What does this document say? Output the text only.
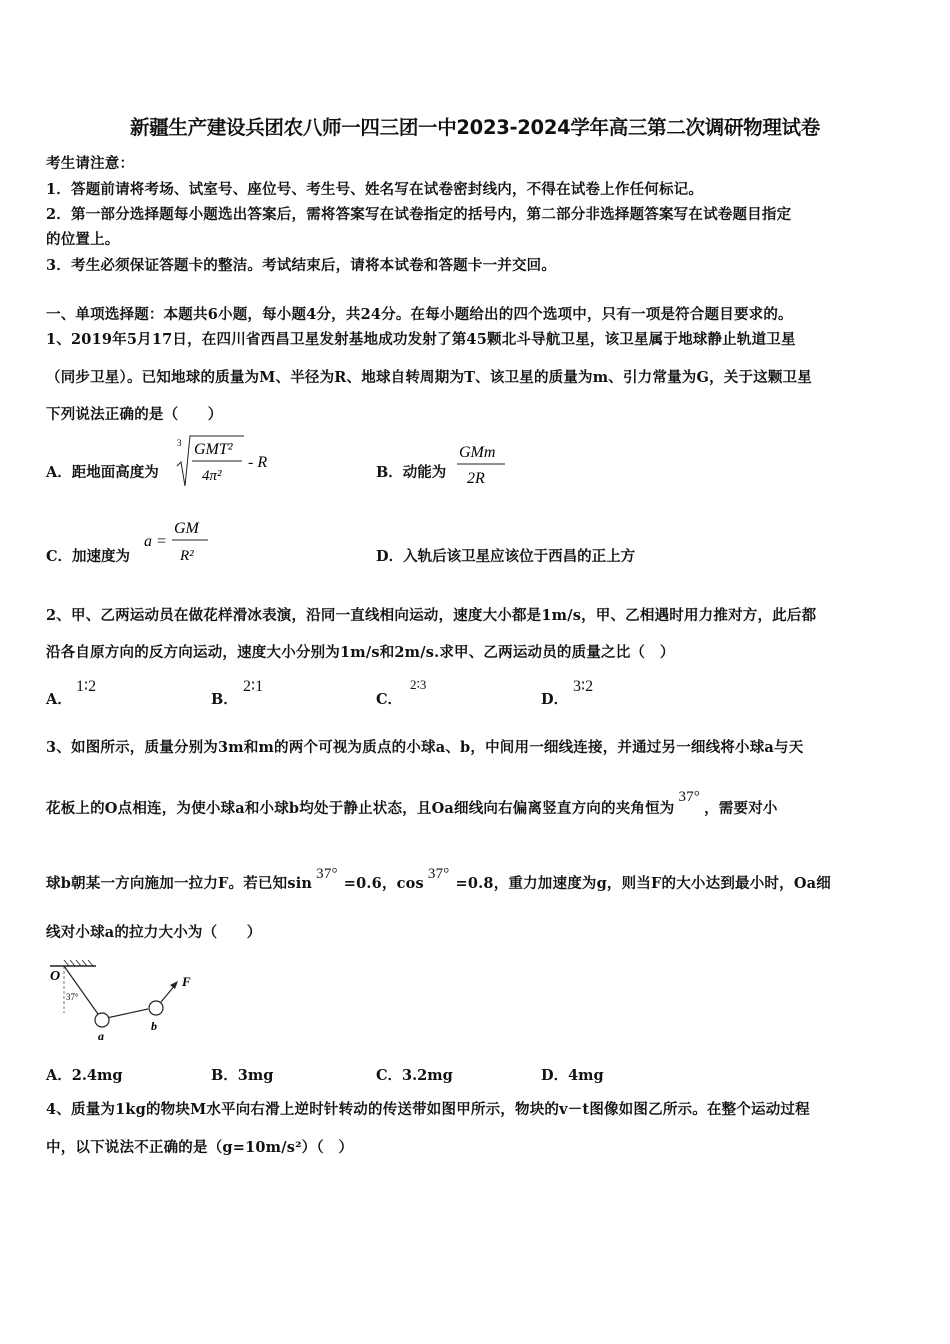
新疆生产建设兵团农八师一四三团一中2023-2024学年高三第二次调研物理试卷
考生请注意：
1．答题前请将考场、试室号、座位号、考生号、姓名写在试卷密封线内，不得在试卷上作任何标记。
2．第一部分选择题每小题选出答案后，需将答案写在试卷指定的括号内，第二部分非选择题答案写在试卷题目指定
的位置上。
3．考生必须保证答题卡的整洁。考试结束后，请将本试卷和答题卡一并交回。
一、单项选择题：本题共6小题，每小题4分，共24分。在每小题给出的四个选项中，只有一项是符合题目要求的。
1、2019年5月17日，在四川省西昌卫星发射基地成功发射了第45颗北斗导航卫星，该卫星属于地球静止轨道卫星
（同步卫星）。已知地球的质量为M、半径为R、地球自转周期为T、该卫星的质量为m、引力常量为G，关于这颗卫星
下列说法正确的是（　　）
A．距地面高度为
3 GMT²
4π²
- R
B．动能为
GMm
2R
C．加速度为
a =
GM
R²	D．入轨后该卫星应该位于西昌的正上方
2、甲、乙两运动员在做花样滑冰表演，沿同一直线相向运动，速度大小都是1m/s，甲、乙相遇时用力推对方，此后都
沿各自原方向的反方向运动，速度大小分别为1m/s和2m/s.求甲、乙两运动员的质量之比（　）
A．
1∶2
B．
2∶1
C．
2∶3
D．
3∶2
3、如图所示，质量分别为3m和m的两个可视为质点的小球a、b，中间用一细线连接，并通过另一细线将小球a与天
花板上的O点相连，为使小球a和小球b均处于静止状态，且Oa细线向右偏离竖直方向的夹角恒为37°，需要对小
球b朝某一方向施加一拉力F。若已知sin37°=0.6，cos37°=0.8，重力加速度为g，则当F的大小达到最小时，Oa细
线对小球a的拉力大小为（　　）
O
37°
a
b
F
A．2.4mg	B．3mg	C．3.2mg	D．4mg
4、质量为1kg的物块M水平向右滑上逆时针转动的传送带如图甲所示，物块的v－t图像如图乙所示。在整个运动过程
中，以下说法不正确的是（g=10m/s²）（　）
